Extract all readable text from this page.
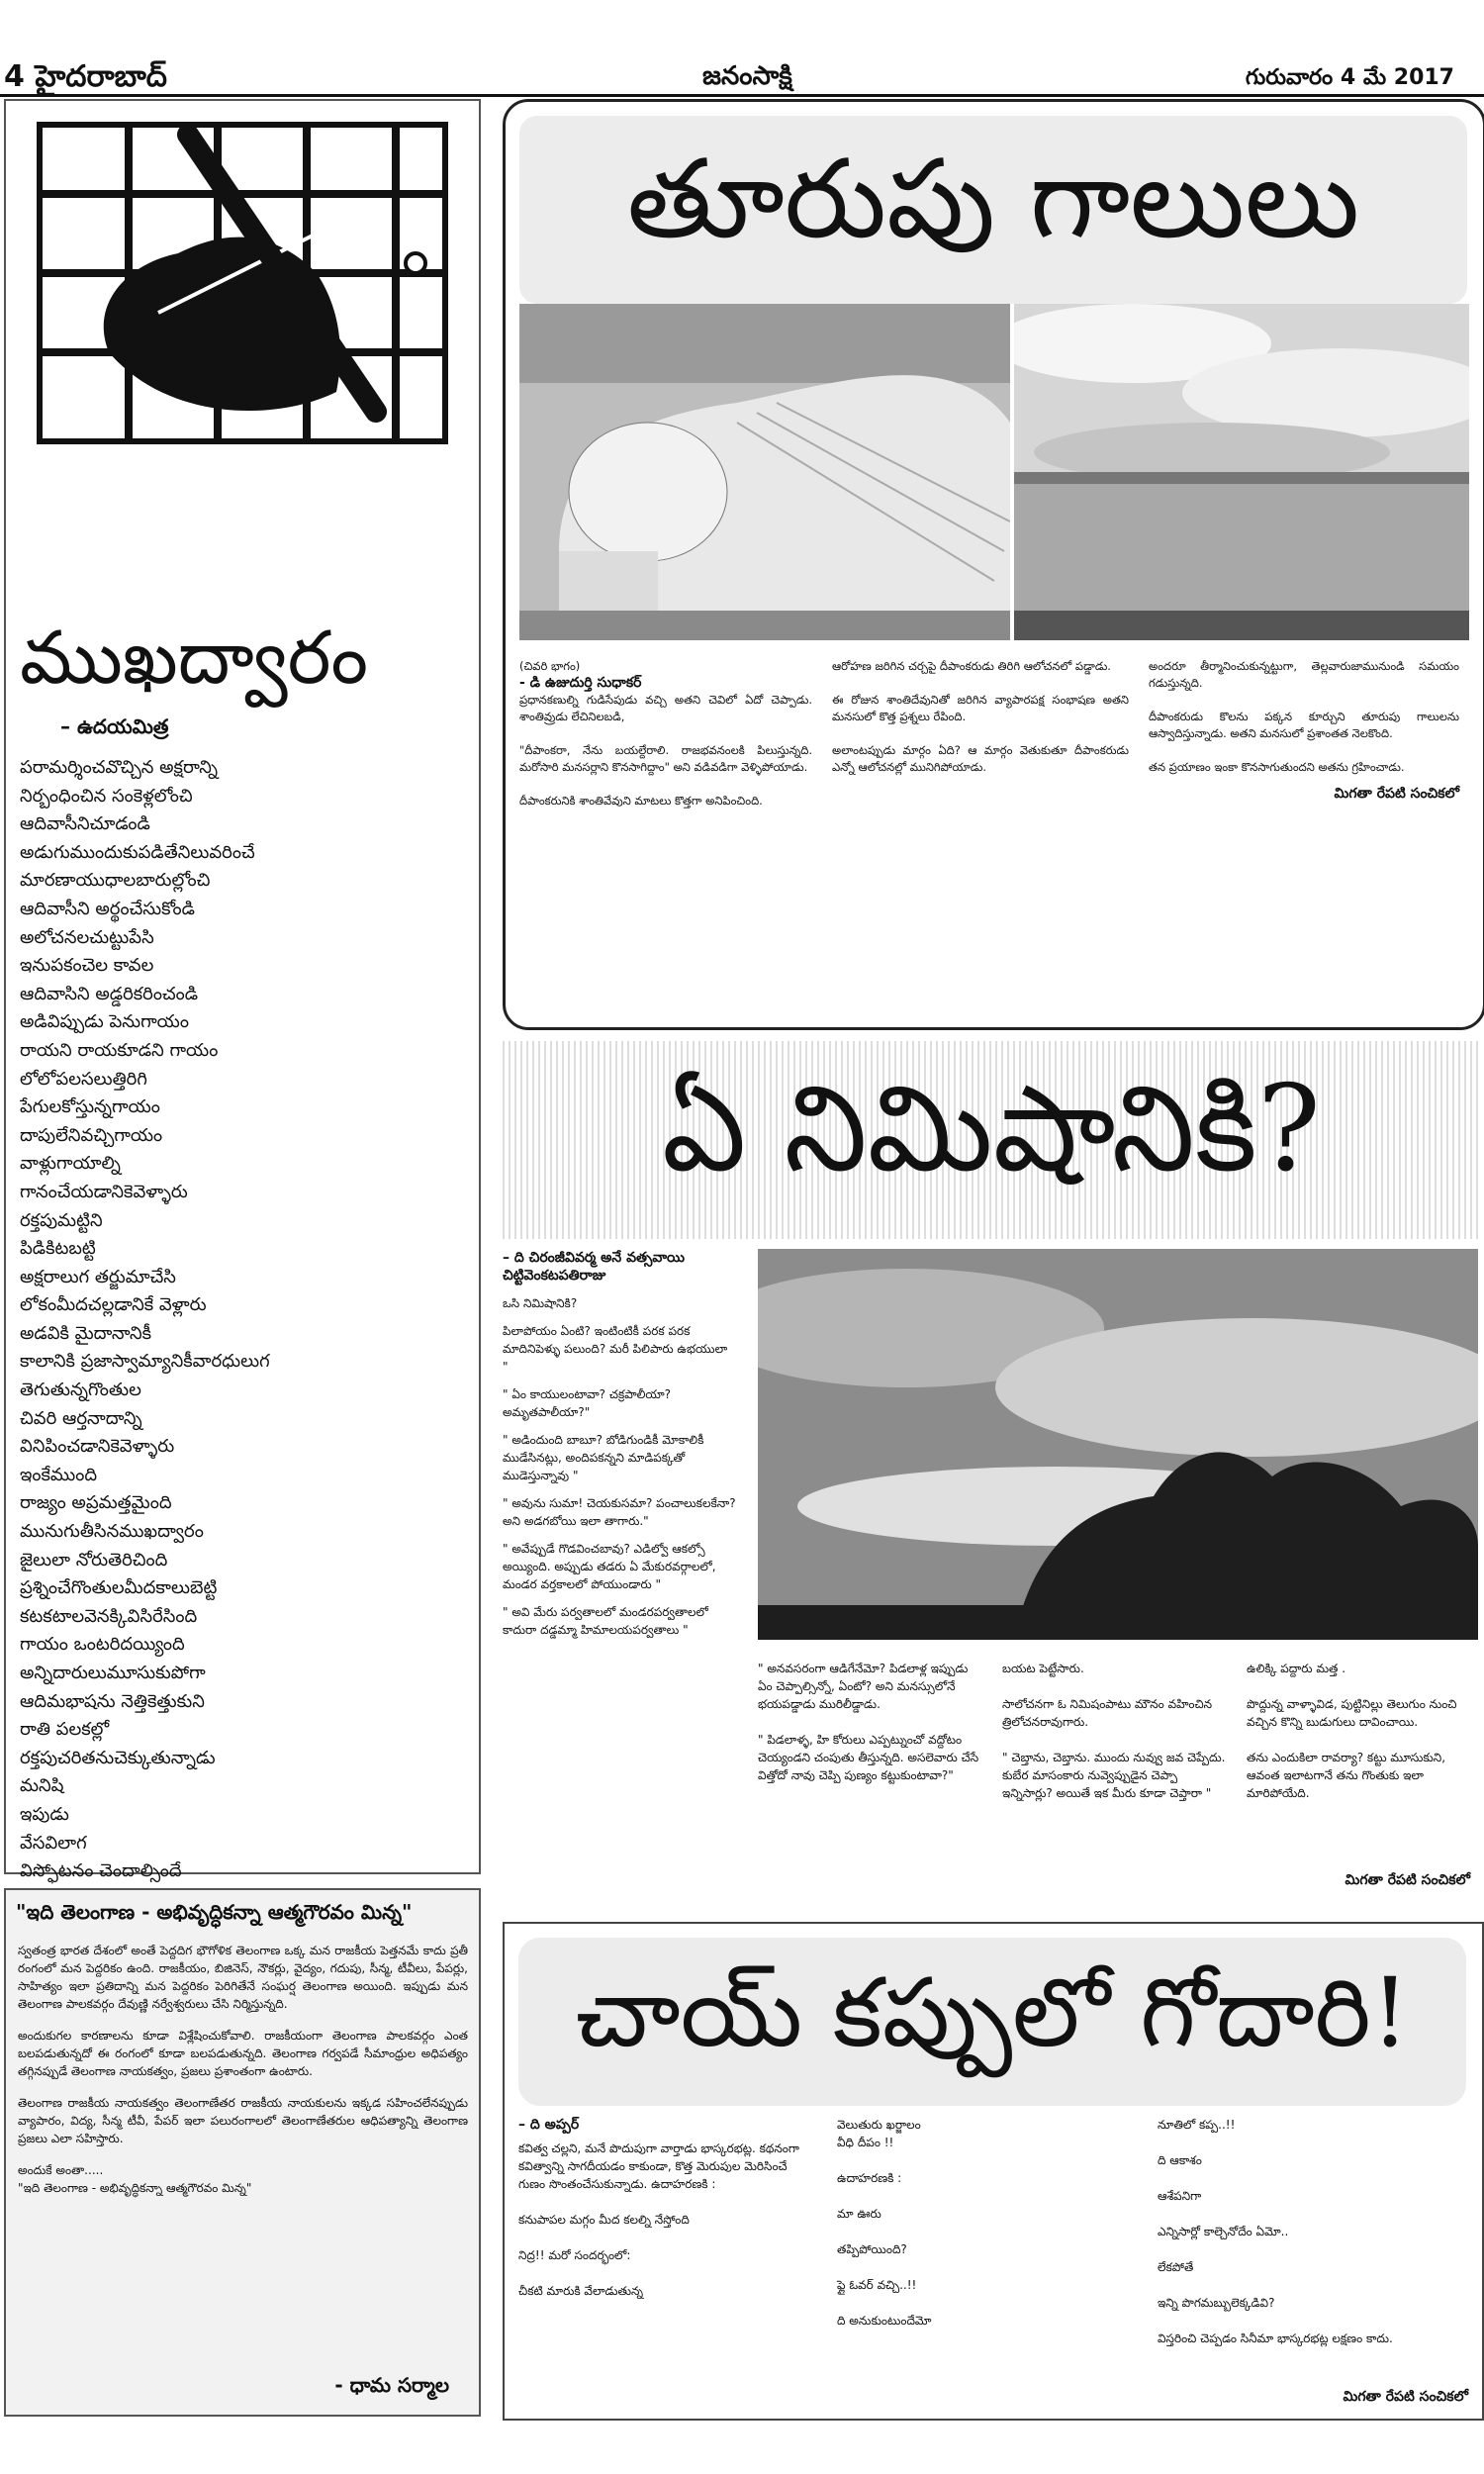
4 హైదరాబాద్	జనంసాక్షి	గురువారం 4 మే 2017
ముఖద్వారం
– ఉదయమిత్ర
పరామర్శించవొచ్చిన అక్షరాన్ని
నిర్బంధించిన సంకెళ్లలోంచి
ఆదివాసీనిచూడండి
అడుగుముందుకుపడితేనిలువరించే
మారణాయుధాలబారుల్లోంచి
ఆదివాసీని అర్థంచేసుకోండి
అలోచనలచుట్టుపేసి
ఇనుపకంచెల కావల
ఆదివాసిని అడ్డరికరించండి
అడివిప్పుడు పెనుగాయం
రాయని రాయకూడని గాయం
లోలోపలసలుత్తిరిగి
పేగులకోస్తున్నగాయం
దాపులేనివచ్చిగాయం
వాళ్లుగాయాల్ని
గానంచేయడానికెవెళ్ళారు
రక్తపుమట్టిని
పిడికిటబట్టి
అక్షరాలుగ తర్జుమాచేసి
లోకంమీదచల్లడానికే వెళ్లారు
అడవికి మైదానానికీ
కాలానికి ప్రజాస్వామ్యానికీవారధులుగ
తెగుతున్నగొంతుల
చివరి ఆర్తనాదాన్ని
వినిపించడానికెవెళ్ళారు
ఇంకేముంది
రాజ్యం అప్రమత్తమైంది
మునుగుతీసినముఖద్వారం
జైలులా నోరుతెరిచింది
ప్రశ్నించేగొంతులమీదకాలుబెట్టి
కటకటాలవెనక్కివిసిరేసింది
గాయం ఒంటరిదయ్యింది
అన్నిదారులుమూసుకుపోగా
ఆదిమభాషను నెత్తికెత్తుకుని
రాతి పలకల్లో
రక్తపుచరితనుచెక్కుతున్నాడు
మనిషి
ఇపుడు
వేసవిలాగ
విస్ఫోటనం చెందాల్సిందే
"ఇది తెలంగాణ - అభివృద్ధికన్నా ఆత్మగౌరవం మిన్న"

స్వతంత్ర భారత దేశంలో అంతే పెద్దదిగ భౌగోళిక తెలంగాణ ఒక్క మన రాజకీయ పెత్తనమే కాదు ప్రతీ రంగంలో మన పెద్దరికం ఉంది. రాజకీయం, బిజినెస్, నౌకర్లు, వైద్యం, గదుపు, సీన్మ, టీవీలు, పేపర్లు, సాహిత్యం ఇలా ప్రతిదాన్ని మన పెద్దరికం పెరిగితేనే సంఘర్ష తెలంగాణ అయింది. ఇప్పుడు మన తెలంగాణ పాలకవర్గం దేవుణ్ణి నర్వేశ్వరులు చేసి నిర్మిస్తున్నది.

అందుకుగల కారణాలను కూడా విశ్లేషించుకోవాలి. రాజకీయంగా తెలంగాణ పాలకవర్గం ఎంత బలపడుతున్నదో ఈ రంగంలో కూడా బలపడుతున్నది. తెలంగాణ గర్వపడే సీమాంధ్రుల అధిపత్యం తగ్గినప్పుడే తెలంగాణ నాయకత్వం, ప్రజలు ప్రశాంతంగా ఉంటారు.

తెలంగాణ రాజకీయ నాయకత్వం తెలంగాణేతర రాజకీయ నాయకులను ఇక్కడ సహించలేనప్పుడు వ్యాపారం, విద్య, సీన్మ టీవీ, పేపర్ ఇలా పలురంగాలలో తెలంగాణేతరుల ఆధిపత్యాన్ని తెలంగాణ ప్రజలు ఎలా సహిస్తారు.

అందుకే అంతా.....
"ఇది తెలంగాణ - అభివృద్ధికన్నా ఆత్మగౌరవం మిన్న"
- ధామ సర్మాల
తూరుపు గాలులు
(చివరి భాగం)
- డి ఉజుదుర్తి సుధాకర్

ప్రధానకణుల్ని గుడిసేపుడు వచ్చి అతని చెవిలో ఏదో చెప్పాడు. శాంతివ్రుడు లేచినిలబడి,

"దీపాంకరా, నేను బయల్దేరాలి. రాజభవనంలకి పిలుస్తున్నది. మరోసారి మనసర్లాని కొనసాగిద్దాం" అని వడివడిగా వెళ్ళిపోయాడు.

దీపాంకరునికి శాంతివేవుని మాటలు కొత్తగా అనిపించింది.

ఆరోహణ జరిగిన చర్చపై దీపాంకరుడు తిరిగి ఆలోచనలో పడ్డాడు.

ఈ రోజున శాంతిదేవునితో జరిగిన వ్యాపారపక్ష సంభాషణ అతని మనసులో కొత్త ప్రశ్నలు రేపింది.

అలాంటప్పుడు మార్గం ఏది? ఆ మార్గం వెతుకుతూ దీపాంకరుడు ఎన్నో ఆలోచనల్లో మునిగిపోయాడు.

అందరూ తీర్మానించుకున్నట్టుగా, తెల్లవారుజామునుండి సమయం గడుస్తున్నది.

దీపాంకరుడు కొలను పక్కన కూర్చుని తూరుపు గాలులను ఆస్వాదిస్తున్నాడు. అతని మనసులో ప్రశాంతత నెలకొంది.

తన ప్రయాణం ఇంకా కొనసాగుతుందని అతను గ్రహించాడు.

మిగతా రేపటి సంచికలో
ఏ నిమిషానికి?
– ది చిరంజీవివర్మ అనే వత్సవాయి
చిట్టివెంకటపతిరాజు

ఒసి నిమిషానికి?

పిలాపోయం ఏంటి? ఇంటింటికీ పరక పరక మాదినిపెళ్ళు పలుంది? మరీ పిలిపారు ఉభయులా "

" ఏం కాయులంటావా? చక్రపాలీయా? అమృతపాలీయా?"

" అడిందుంది బాబూ? బోడిగుండికీ మోకాలికీ ముడేసినట్లు, అందిపకన్నని మాడిపక్కతో ముడెస్తున్నావు "

" అవును సుమా! చెయకుసమా? పంచాలుకలకేనా? అని అడగబోయి ఇలా తాగారు."

" అవేప్పుడే గొడవించబావు? ఎడిల్వో ఆకల్సో అయ్యింది. అప్పుడు తడరు ఏ మేకురవర్గాలలో, మండర వర్తకాలలో పోయుండారు "

" అవి మేరు పర్వతాలలో మండరపర్వతాలలో కాదురా దడ్డమ్మా హిమాలయపర్వతాలు "

" అనవసరంగా ఆడిగేనేమో? పిడలాళ్ల ఇప్పుడు ఏం చెప్పాల్సిన్నో, ఏంటో? అని మనస్సులోనే భయపడ్డాడు మురిలీడ్డాడు.

" పిడలాళ్ళ, హి కోరులు ఎప్పట్నుంచో వద్దోటం చెయ్యండని చంపుతు తీస్తున్నది. అసలెవారు చేసే విత్తోదో నావు చెప్పి పుణ్యం కట్టుకుంటావా?"
బయట పెట్టేసారు.

సాలోచనగా ఓ నిమిషంపాటు మౌనం వహించిన త్రిలోచనరావుగారు.

" చెబ్తాను, చెబ్తాను. ముందు నువ్వు జవ చెప్పేదు. కుబేర మాసంకారు నువ్వెప్పుడైన చెప్పా ఇన్నిసార్లు? అయితే ఇక మీరు కూడా చెప్తారా "
ఉలిక్కి పద్దారు మత్త .

పొద్దున్న వాళ్ళావిడ, పుట్టినిల్లు తెలుగుం నుంచి వచ్చిన కొన్ని బుడుగులు దావించాయి.

తను ఎందుకిలా రావర్యా? కట్టు మూసుకుని, ఆవంత ఇలాటగానే తను గొంతుకు ఇలా మారిపోయేది.
మిగతా రేపటి సంచికలో
చాయ్ కప్పులో గోదారి!
– ది అప్పర్
కవిత్వ చల్లని, మనే పొదుపుగా వార్తాడు భాస్కరభట్ల. కథనంగా కవిత్వాన్ని సాగదీయడం కాకుండా, కొత్త మెరుపుల మెరిసించే గుణం సొంతంచేసుకున్నాడు. ఉదాహరణకి :

కనుపాపల మగ్గం మీద కలల్ని నేస్తోంది

నిద్ర!! మరో సందర్భంలో:

చీకటి మారుకి వేలాడుతున్న
వెలుతురు ఖర్జాలం
వీధి దీపం !!

ఉదాహరణకి :

మా ఊరు

తప్పిపోయింది?

ఫ్లై ఓవర్ వచ్చి..!!

ది అనుకుంటుందేమో
నూతిలో కప్ప..!!

ది ఆకాశం

ఆశేపనిగా

ఎన్నిసార్లో కాల్చెనోదేం ఏమో..

లేకపోతే

ఇన్ని పొగమబ్బులెక్కడివి?

విస్తరించి చెప్పడం సినీమా భాస్కరభట్ల లక్షణం కాదు.
మిగతా రేపటి సంచికలో
